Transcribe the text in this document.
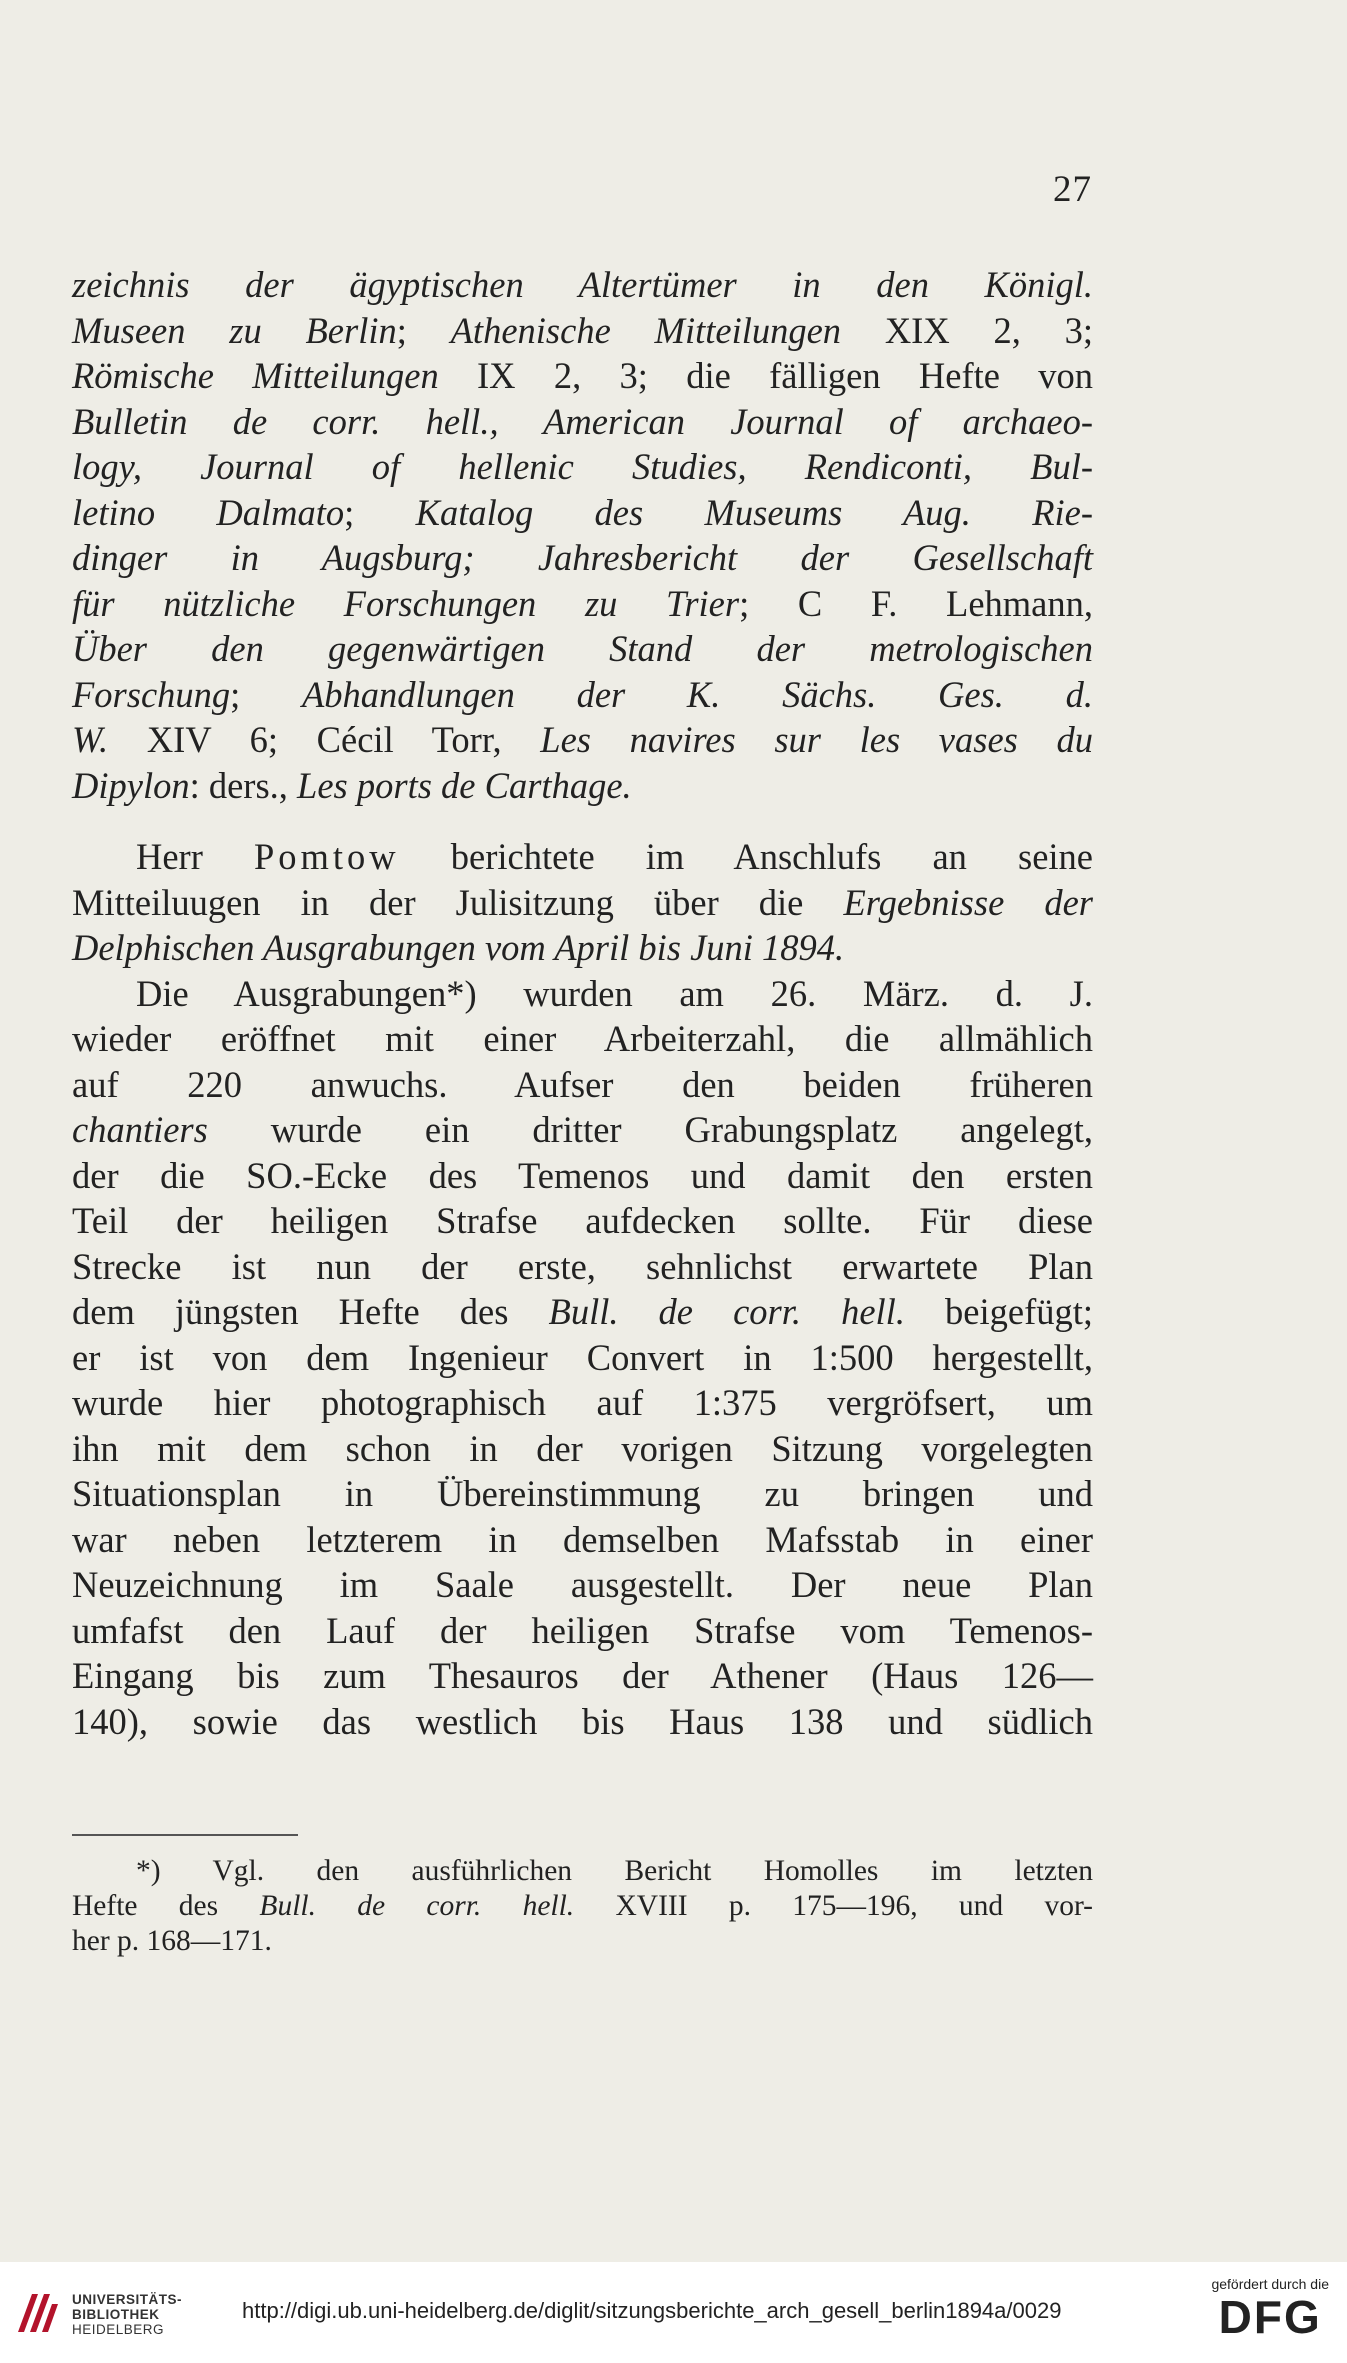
27
zeichnis der ägyptischen Altertümer in den Königl.
Museen zu Berlin; Athenische Mitteilungen XIX 2, 3;
Römische Mitteilungen IX 2, 3; die fälligen Hefte von
Bulletin de corr. hell., American Journal of archaeo-
logy, Journal of hellenic Studies, Rendiconti, Bul-
letino Dalmato; Katalog des Museums Aug. Rie-
dinger in Augsburg; Jahresbericht der Gesellschaft
für nützliche Forschungen zu Trier; C F. Lehmann,
Über den gegenwärtigen Stand der metrologischen
Forschung; Abhandlungen der K. Sächs. Ges. d.
W. XIV 6; Cécil Torr, Les navires sur les vases du
Dipylon: ders., Les ports de Carthage.
Herr Pomtow berichtete im Anschlufs an seine
Mitteiluugen in der Julisitzung über die Ergebnisse der
Delphischen Ausgrabungen vom April bis Juni 1894.
Die Ausgrabungen*) wurden am 26. März. d. J.
wieder eröffnet mit einer Arbeiterzahl, die allmählich
auf 220 anwuchs. Aufser den beiden früheren
chantiers wurde ein dritter Grabungsplatz angelegt,
der die SO.-Ecke des Temenos und damit den ersten
Teil der heiligen Strafse aufdecken sollte. Für diese
Strecke ist nun der erste, sehnlichst erwartete Plan
dem jüngsten Hefte des Bull. de corr. hell. beigefügt;
er ist von dem Ingenieur Convert in 1:500 hergestellt,
wurde hier photographisch auf 1:375 vergröfsert, um
ihn mit dem schon in der vorigen Sitzung vorgelegten
Situationsplan in Übereinstimmung zu bringen und
war neben letzterem in demselben Mafsstab in einer
Neuzeichnung im Saale ausgestellt. Der neue Plan
umfafst den Lauf der heiligen Strafse vom Temenos-
Eingang bis zum Thesauros der Athener (Haus 126—
140), sowie das westlich bis Haus 138 und südlich
*) Vgl. den ausführlichen Bericht Homolles im letzten
Hefte des Bull. de corr. hell. XVIII p. 175—196, und vor-
her p. 168—171.
UNIVERSITÄTS-
BIBLIOTHEK
HEIDELBERG
http://digi.ub.uni-heidelberg.de/diglit/sitzungsberichte_arch_gesell_berlin1894a/0029
gefördert durch die
DFG
